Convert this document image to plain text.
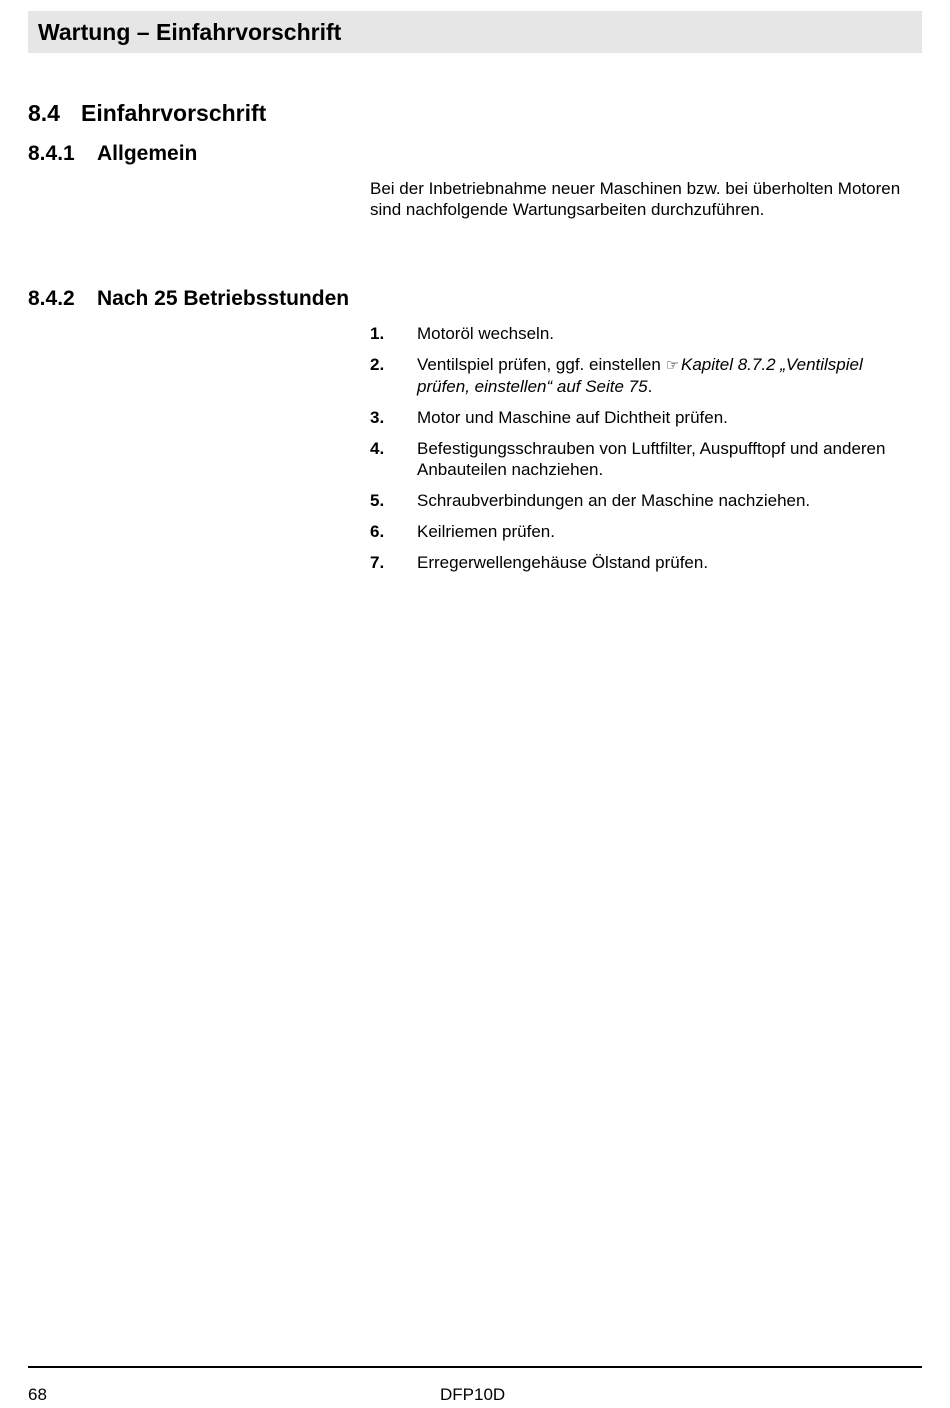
Wartung – Einfahrvorschrift
8.4 Einfahrvorschrift
8.4.1 Allgemein

Bei der Inbetriebnahme neuer Maschinen bzw. bei überholten Motoren sind nachfolgende Wartungsarbeiten durchzuführen.

8.4.2 Nach 25 Betriebsstunden
1. Motoröl wechseln.
2. Ventilspiel prüfen, ggf. einstellen ☞ Kapitel 8.7.2 „Ventilspiel prüfen, einstellen“ auf Seite 75.
3. Motor und Maschine auf Dichtheit prüfen.
4. Befestigungsschrauben von Luftfilter, Auspufftopf und anderen Anbauteilen nachziehen.
5. Schraubverbindungen an der Maschine nachziehen.
6. Keilriemen prüfen.
7. Erregerwellengehäuse Ölstand prüfen.
68	DFP10D
